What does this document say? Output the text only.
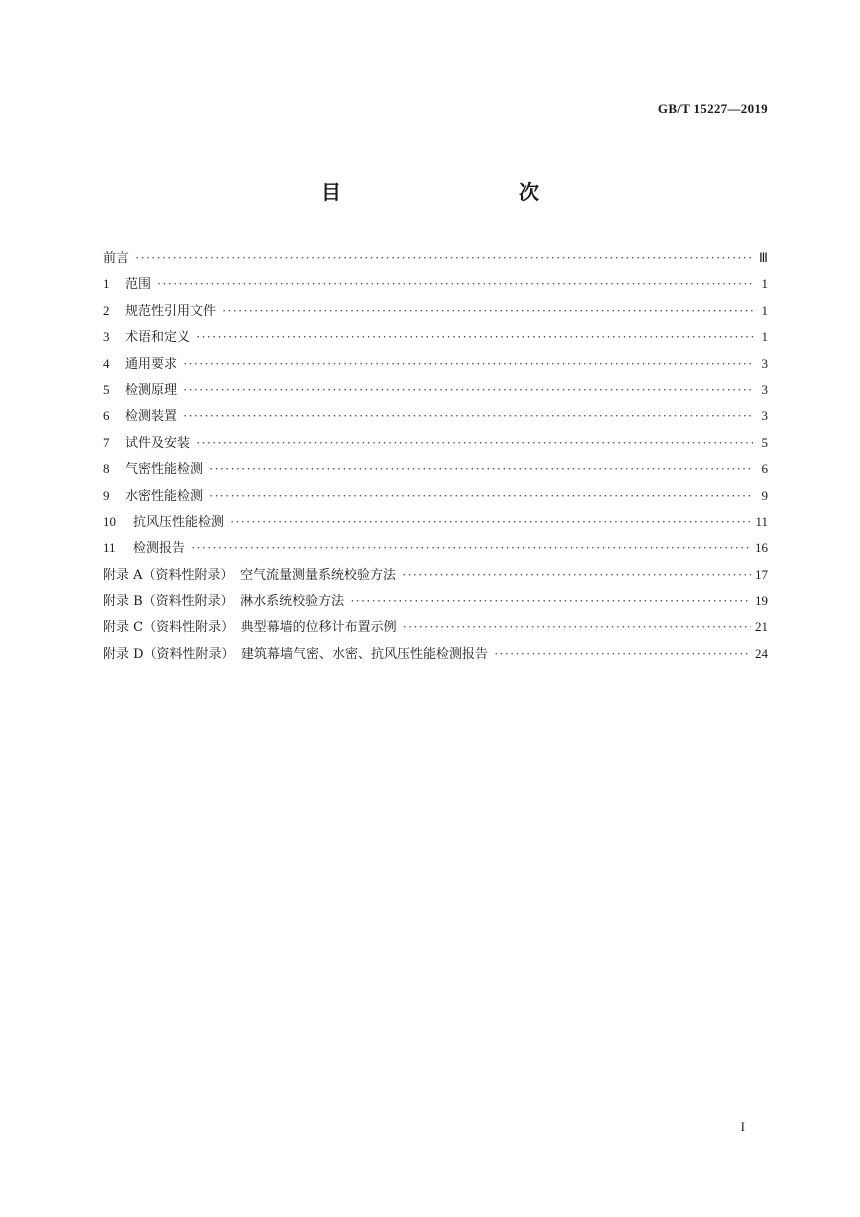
GB/T 15227—2019
目　　次
前言 ·····	Ⅲ
1	范围 ·····	1
2	规范性引用文件 ·····	1
3	术语和定义 ·····	1
4	通用要求 ·····	3
5	检测原理 ·····	3
6	检测装置 ·····	3
7	试件及安装 ·····	5
8	气密性能检测 ·····	6
9	水密性能检测 ·····	9
10	抗风压性能检测 ·····	11
11	检测报告 ·····	16
附录 A（资料性附录）　空气流量测量系统校验方法 ·····	17
附录 B（资料性附录）　淋水系统校验方法 ·····	19
附录 C（资料性附录）　典型幕墙的位移计布置示例 ·····	21
附录 D（资料性附录）　建筑幕墙气密、水密、抗风压性能检测报告 ·····	24
I
